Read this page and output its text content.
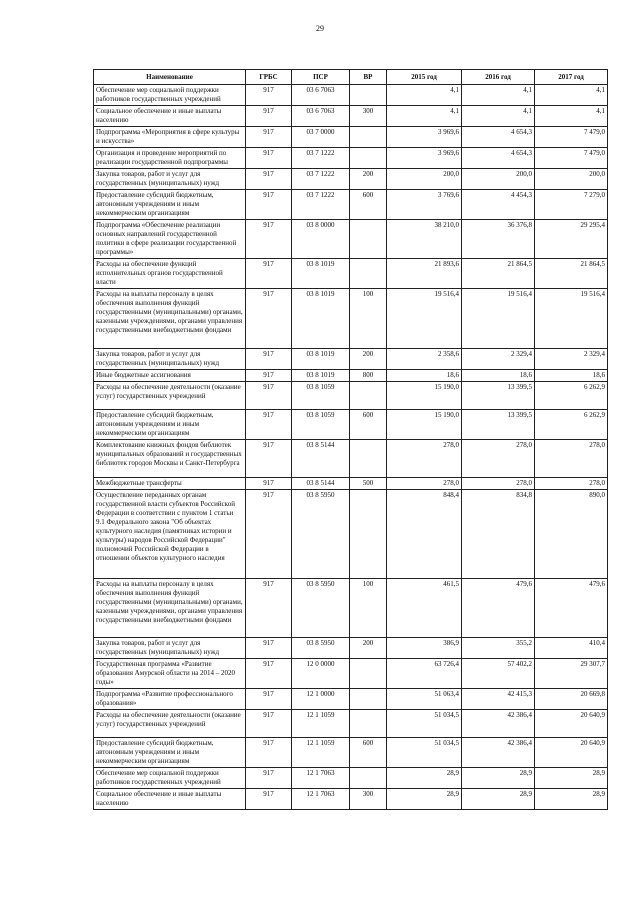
29
Наименование	ГРБС	ПСР	ВР	2015 год	2016 год	2017 год
Обеспечение мер социальной поддержки работников государственных учреждений	917	03 6 7063		4,1	4,1	4,1
Социальное обеспечение и иные выплаты населению	917	03 6 7063	300	4,1	4,1	4,1
Подпрограмма «Мероприятия в сфере культуры и искусства»	917	03 7 0000		3 969,6	4 654,3	7 479,0
Организация и проведение мероприятий по реализации государственной подпрограммы	917	03 7 1222		3 969,6	4 654,3	7 479,0
Закупка товаров, работ и услуг для государственных (муниципальных) нужд	917	03 7 1222	200	200,0	200,0	200,0
Предоставление субсидий бюджетным, автономным учреждениям и иным некоммерческим организациям	917	03 7 1222	600	3 769,6	4 454,3	7 279,0
Подпрограмма «Обеспечение реализации основных направлений государственной политики в сфере реализации государственной программы»	917	03 8 0000		38 210,0	36 376,8	29 295,4
Расходы на обеспечение функций исполнительных органов государственной власти	917	03 8 1019		21 893,6	21 864,5	21 864,5
Расходы на выплаты персоналу в целях обеспечения выполнения функций государственными (муниципальными) органами, казенными учреждениями, органами управления государственными внебюджетными фондами	917	03 8 1019	100	19 516,4	19 516,4	19 516,4
Закупка товаров, работ и услуг для государственных (муниципальных) нужд	917	03 8 1019	200	2 358,6	2 329,4	2 329,4
Иные бюджетные ассигнования	917	03 8 1019	800	18,6	18,6	18,6
Расходы на обеспечение деятельности (оказание услуг) государственных учреждений	917	03 8 1059		15 190,0	13 399,5	6 262,9
Предоставление субсидий бюджетным, автономным учреждениям и иным некоммерческим организациям	917	03 8 1059	600	15 190,0	13 399,5	6 262,9
Комплектование книжных фондов библиотек муниципальных образований и государственных библиотек городов Москвы и Санкт-Петербурга	917	03 8 5144		278,0	278,0	278,0
Межбюджетные трансферты	917	03 8 5144	500	278,0	278,0	278,0
Осуществление переданных органам государственной власти субъектов Российской Федерации в соответствии с пунктом 1 статьи 9.1 Федерального закона "Об объектах культурного наследия (памятниках истории и культуры) народов Российской Федерации" полномочий Российской Федерации в отношении объектов культурного наследия	917	03 8 5950		848,4	834,8	890,0
Расходы на выплаты персоналу в целях обеспечения выполнения функций государственными (муниципальными) органами, казенными учреждениями, органами управления государственными внебюджетными фондами	917	03 8 5950	100	461,5	479,6	479,6
Закупка товаров, работ и услуг для государственных (муниципальных) нужд	917	03 8 5950	200	386,9	355,2	410,4
Государственная программа «Развитие образования Амурской области на 2014 – 2020 годы»	917	12 0 0000		63 726,4	57 402,2	29 307,7
Подпрограмма «Развитие профессионального образования»	917	12 1 0000		51 063,4	42 415,3	20 669,8
Расходы на обеспечение деятельности (оказание услуг) государственных учреждений	917	12 1 1059		51 034,5	42 386,4	20 640,9
Предоставление субсидий бюджетным, автономным учреждениям и иным некоммерческим организациям	917	12 1 1059	600	51 034,5	42 386,4	20 640,9
Обеспечение мер социальной поддержки работников государственных учреждений	917	12 1 7063		28,9	28,9	28,9
Социальное обеспечение и иные выплаты населению	917	12 1 7063	300	28,9	28,9	28,9
